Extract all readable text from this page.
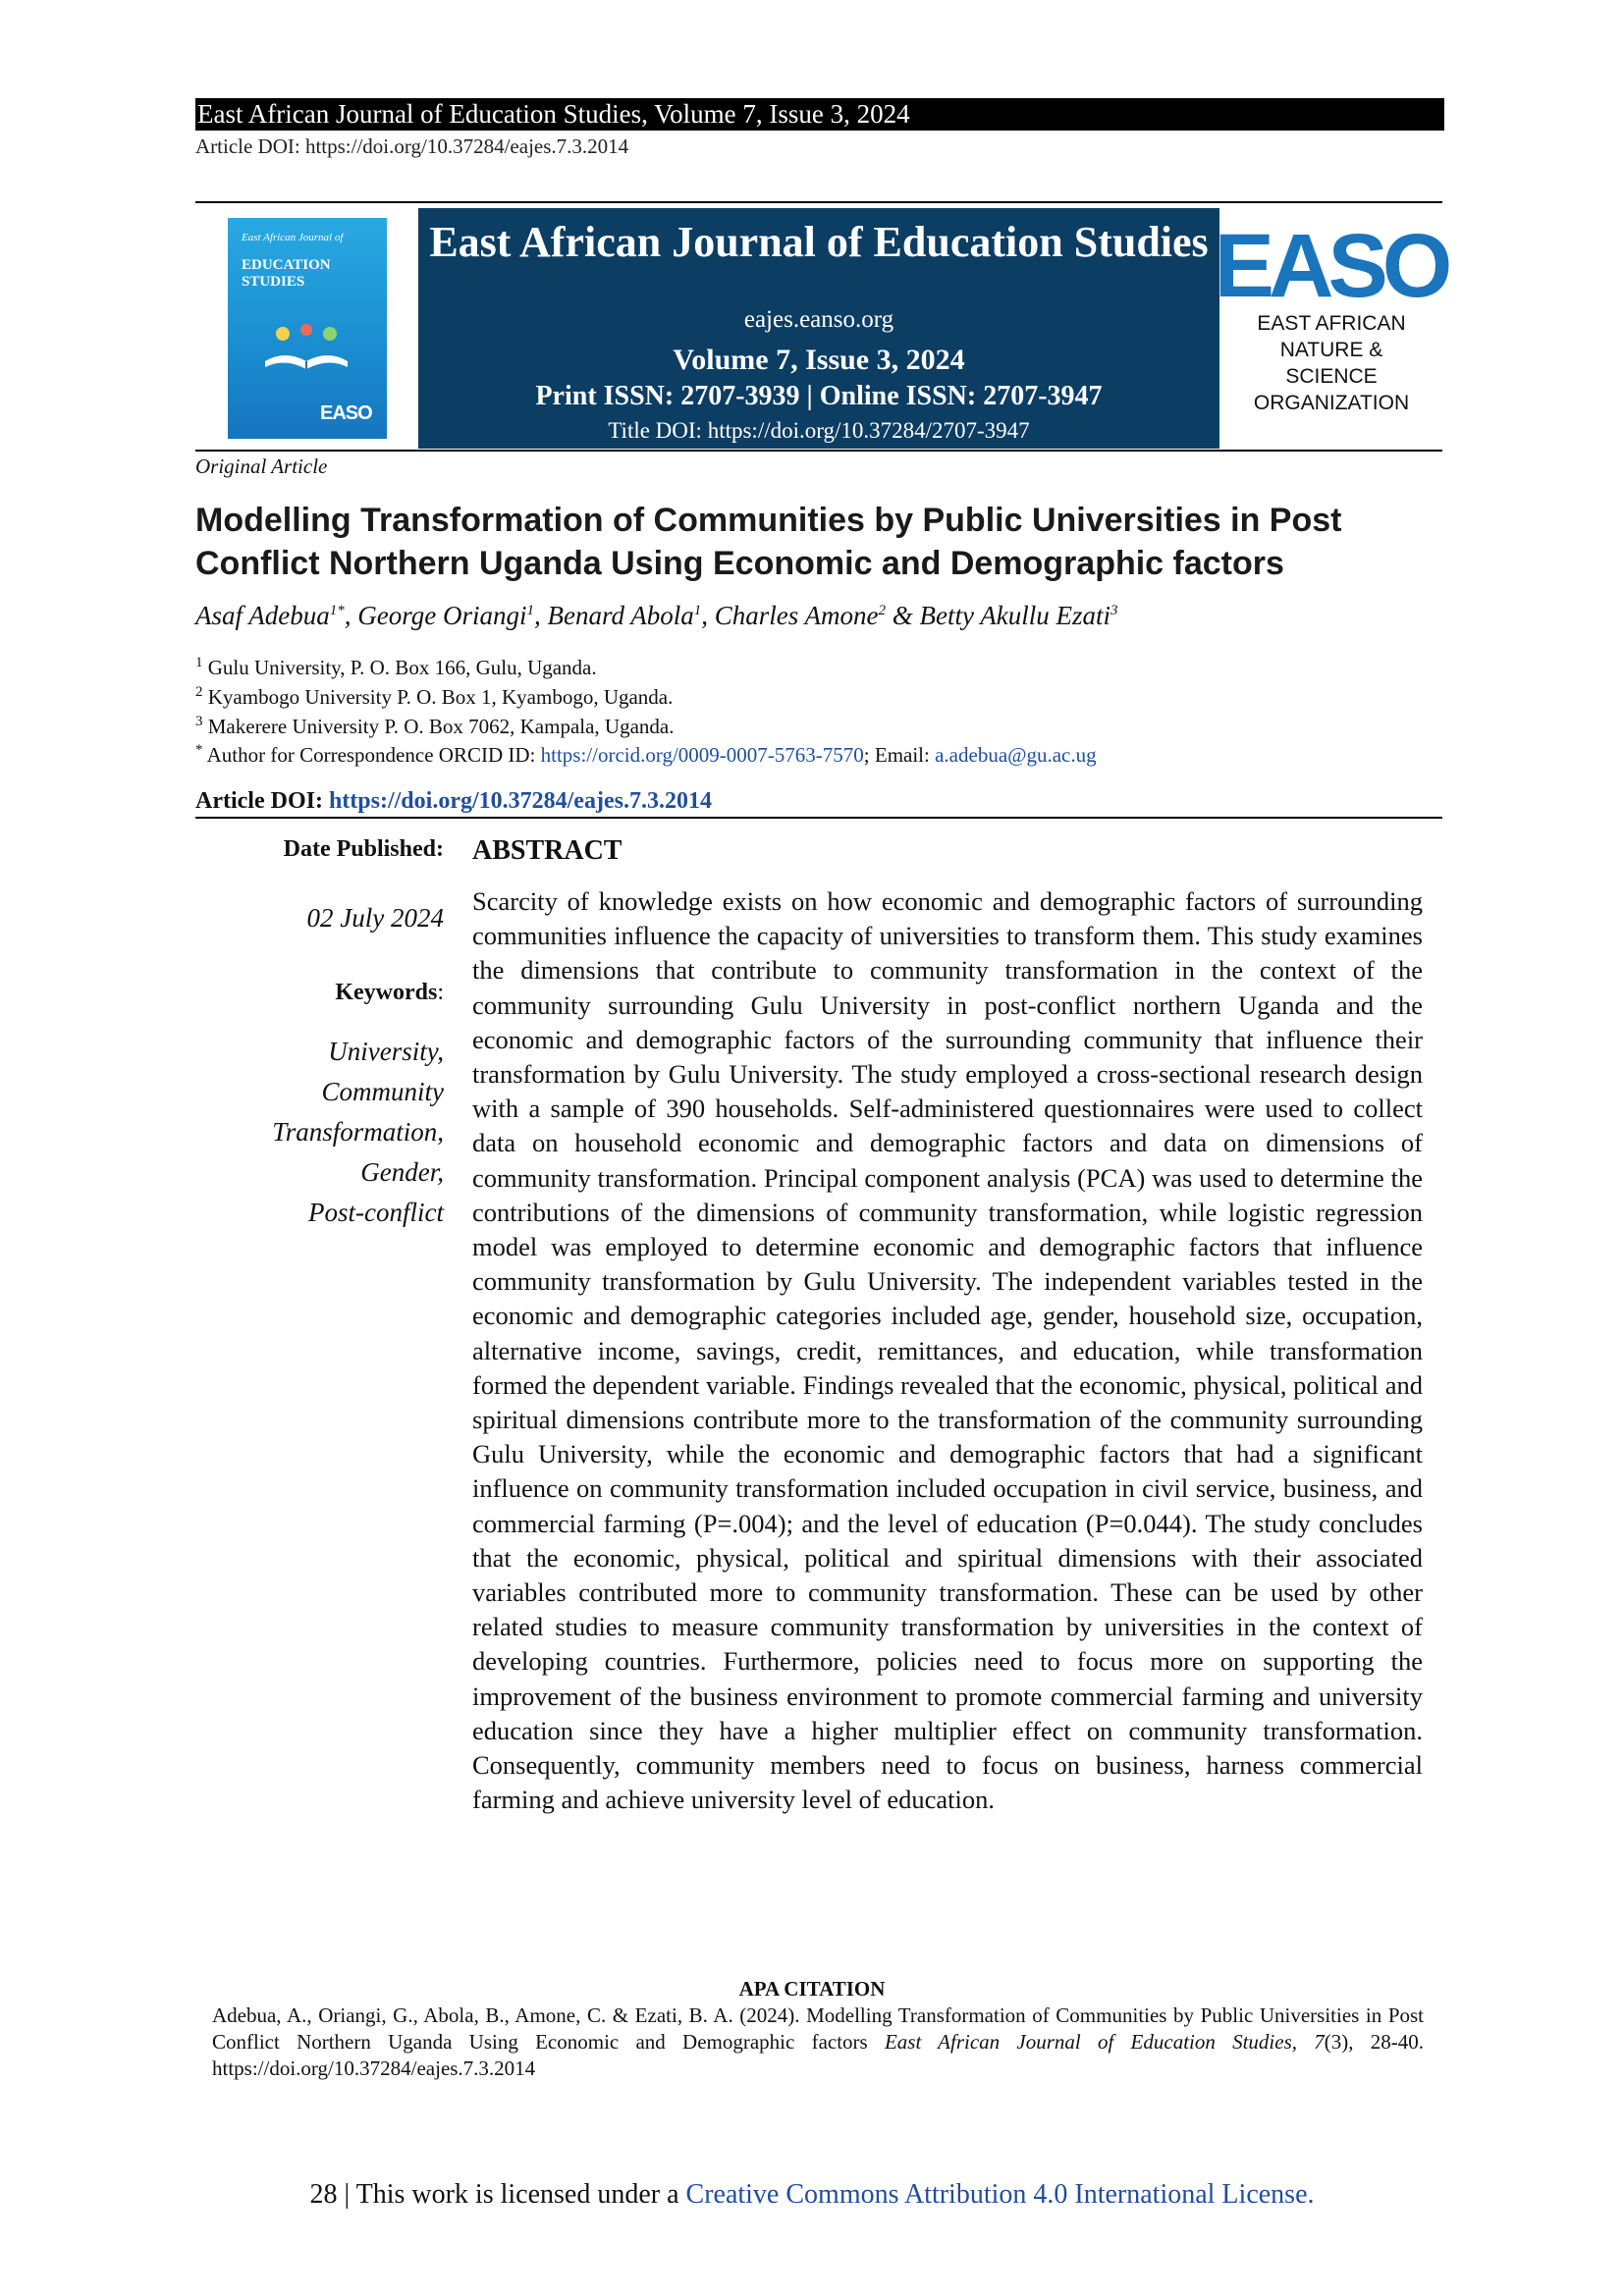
East African Journal of Education Studies, Volume 7, Issue 3, 2024
Article DOI: https://doi.org/10.37284/eajes.7.3.2014
East African Journal of
EDUCATION STUDIES
EASO
East African Journal of Education Studies
eajes.eanso.org
Volume 7, Issue 3, 2024
Print ISSN: 2707-3939 | Online ISSN: 2707-3947
Title DOI: https://doi.org/10.37284/2707-3947
EASO
EAST AFRICAN
NATURE &
SCIENCE
ORGANIZATION
Original Article
Modelling Transformation of Communities by Public Universities in Post Conflict Northern Uganda Using Economic and Demographic factors
Asaf Adebua$^{1*}$, George Oriangi$^1$, Benard Abola$^1$, Charles Amone$^2$ & Betty Akullu Ezati$^3$
$^1$ Gulu University, P. O. Box 166, Gulu, Uganda.
$^2$ Kyambogo University P. O. Box 1, Kyambogo, Uganda.
$^3$ Makerere University P. O. Box 7062, Kampala, Uganda.
* Author for Correspondence ORCID ID: https://orcid.org/0009-0007-5763-7570; Email: a.adebua@gu.ac.ug
Article DOI: https://doi.org/10.37284/eajes.7.3.2014
Date Published:
02 July 2024
Keywords:
University,
Community
Transformation,
Gender,
Post-conflict
ABSTRACT
Scarcity of knowledge exists on how economic and demographic factors of surrounding communities influence the capacity of universities to transform them. This study examines the dimensions that contribute to community transformation in the context of the community surrounding Gulu University in post-conflict northern Uganda and the economic and demographic factors of the surrounding community that influence their transformation by Gulu University. The study employed a cross-sectional research design with a sample of 390 households. Self-administered questionnaires were used to collect data on household economic and demographic factors and data on dimensions of community transformation. Principal component analysis (PCA) was used to determine the contributions of the dimensions of community transformation, while logistic regression model was employed to determine economic and demographic factors that influence community transformation by Gulu University. The independent variables tested in the economic and demographic categories included age, gender, household size, occupation, alternative income, savings, credit, remittances, and education, while transformation formed the dependent variable. Findings revealed that the economic, physical, political and spiritual dimensions contribute more to the transformation of the community surrounding Gulu University, while the economic and demographic factors that had a significant influence on community transformation included occupation in civil service, business, and commercial farming (P=.004); and the level of education (P=0.044). The study concludes that the economic, physical, political and spiritual dimensions with their associated variables contributed more to community transformation. These can be used by other related studies to measure community transformation by universities in the context of developing countries. Furthermore, policies need to focus more on supporting the improvement of the business environment to promote commercial farming and university education since they have a higher multiplier effect on community transformation. Consequently, community members need to focus on business, harness commercial farming and achieve university level of education.
APA CITATION
Adebua, A., Oriangi, G., Abola, B., Amone, C. & Ezati, B. A. (2024). Modelling Transformation of Communities by Public Universities in Post Conflict Northern Uganda Using Economic and Demographic factors East African Journal of Education Studies, 7(3), 28-40. https://doi.org/10.37284/eajes.7.3.2014
28 | This work is licensed under a Creative Commons Attribution 4.0 International License.
